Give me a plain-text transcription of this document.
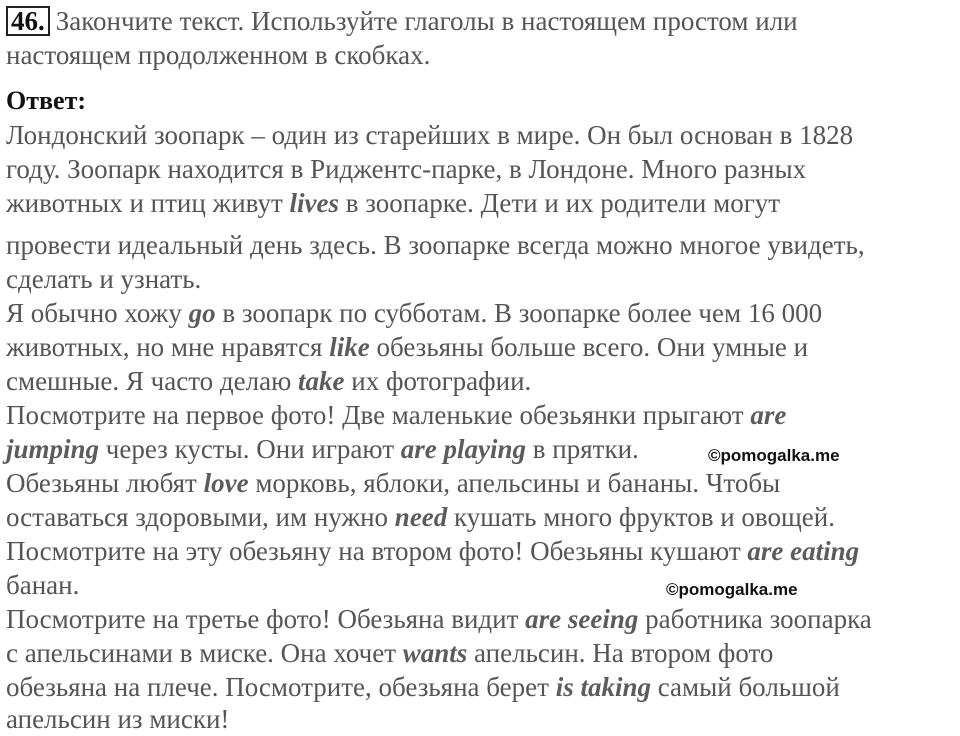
46. Закончите текст. Используйте глаголы в настоящем простом или
настоящем продолженном в скобках.
Ответ:
Лондонский зоопарк – один из старейших в мире. Он был основан в 1828
году. Зоопарк находится в Риджентс-парке, в Лондоне. Много разных
животных и птиц живут lives в зоопарке. Дети и их родители могут
провести идеальный день здесь. В зоопарке всегда можно многое увидеть,
сделать и узнать.
Я обычно хожу go в зоопарк по субботам. В зоопарке более чем 16 000
животных, но мне нравятся like обезьяны больше всего. Они умные и
смешные. Я часто делаю take их фотографии.
Посмотрите на первое фото! Две маленькие обезьянки прыгают are
jumping через кусты. Они играют are playing в прятки.
Обезьяны любят love морковь, яблоки, апельсины и бананы. Чтобы
оставаться здоровыми, им нужно need кушать много фруктов и овощей.
Посмотрите на эту обезьяну на втором фото! Обезьяны кушают are eating
банан.
Посмотрите на третье фото! Обезьяна видит are seeing работника зоопарка
с апельсинами в миске. Она хочет wants апельсин. На втором фото
обезьяна на плече. Посмотрите, обезьяна берет is taking самый большой
апельсин из миски!
©pomogalka.me
©pomogalka.me
